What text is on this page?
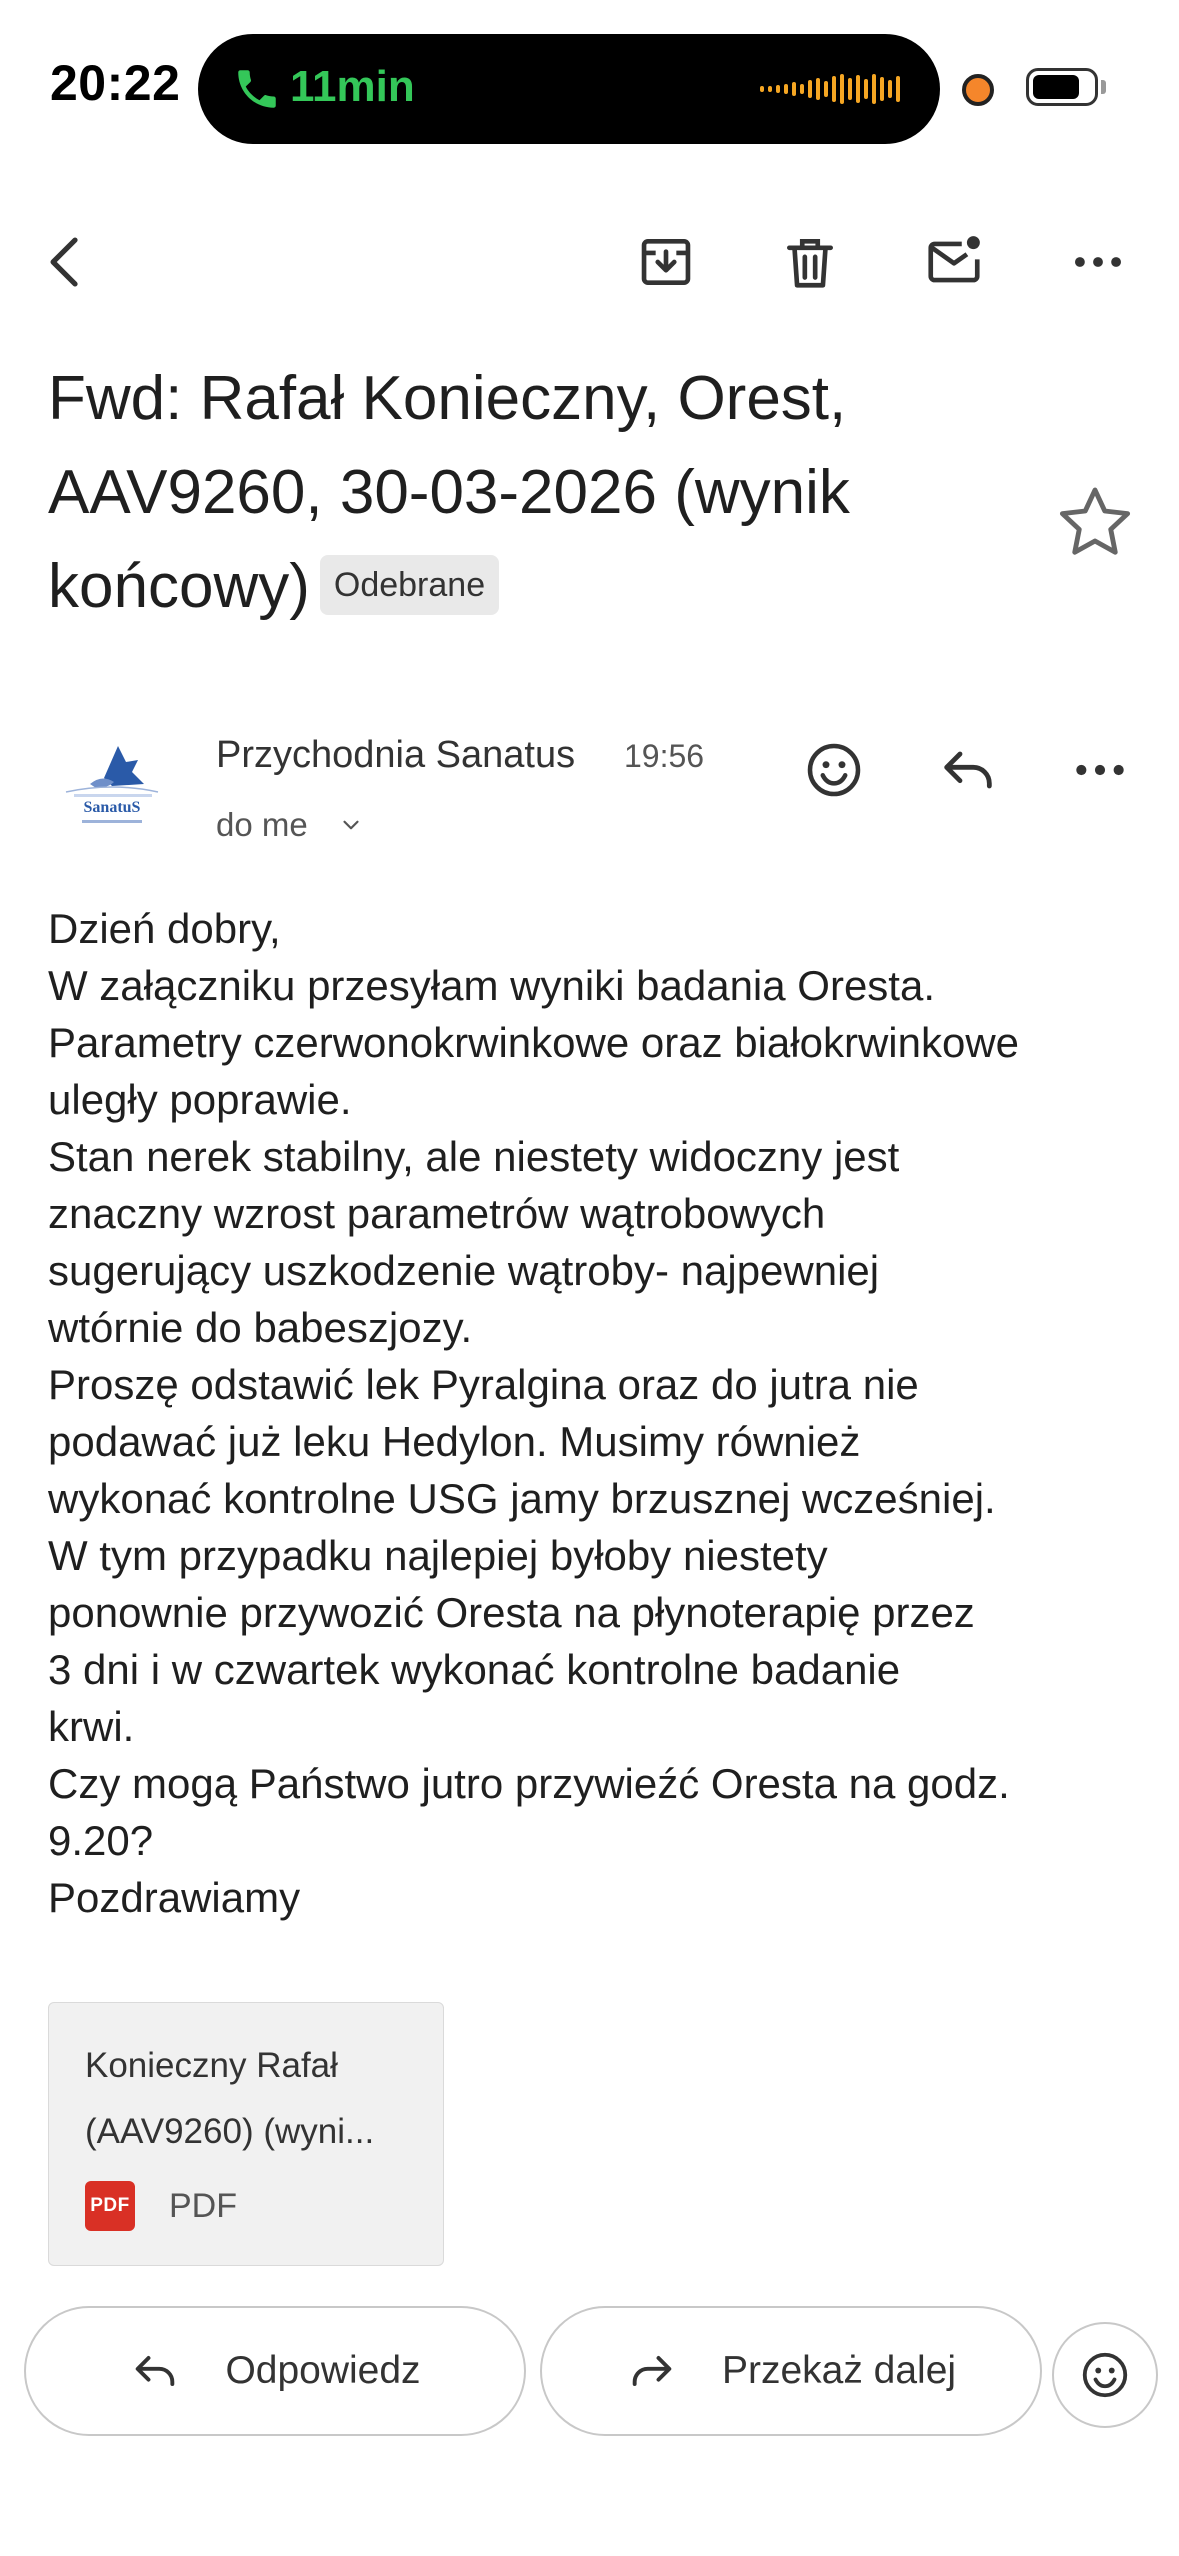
20:22 11min
Fwd: Rafał Konieczny, Orest,
AAV9260, 30-03-2026 (wynik
końcowy) Odebrane
SanatuS
Przychodnia Sanatus 19:56
do me
Dzień dobry,
W załączniku przesyłam wyniki badania Oresta.
Parametry czerwonokrwinkowe oraz białokrwinkowe
uległy poprawie.
Stan nerek stabilny, ale niestety widoczny jest
znaczny wzrost parametrów wątrobowych
sugerujący uszkodzenie wątroby- najpewniej
wtórnie do babeszjozy.
Proszę odstawić lek Pyralgina oraz do jutra nie
podawać już leku Hedylon. Musimy również
wykonać kontrolne USG jamy brzusznej wcześniej.
W tym przypadku najlepiej byłoby niestety
ponownie przywozić Oresta na płynoterapię przez
3 dni i w czwartek wykonać kontrolne badanie
krwi.
Czy mogą Państwo jutro przywieźć Oresta na godz.
9.20?
Pozdrawiamy
Konieczny Rafał
(AAV9260) (wyni...
PDF PDF
Odpowiedz	Przekaż dalej
